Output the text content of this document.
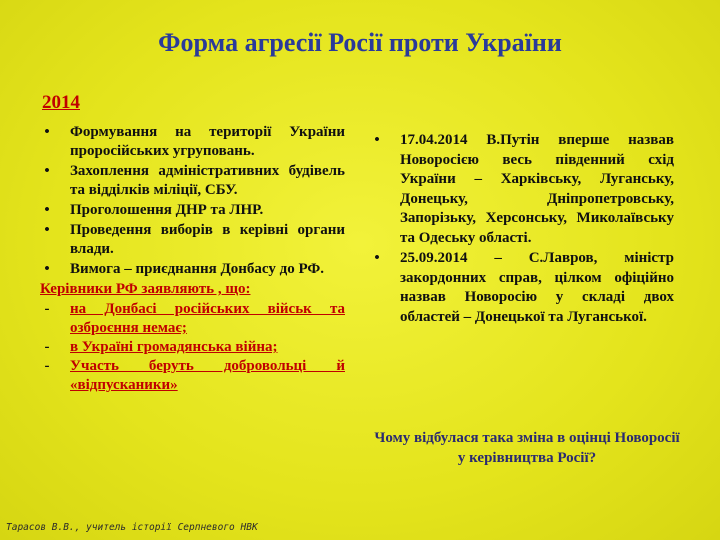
Форма агресії Росії проти України
2014
• Формування на території України проросійських угруповань.
• Захоплення адміністративних будівель та відділків міліції, СБУ.
• Проголошення ДНР та ЛНР.
• Проведення виборів в керівні органи влади.
• Вимога – приєднання Донбасу до РФ.
Керівники РФ заявляють , що:
-	на Донбасі російських військ та озброєння немає;
-	в Україні громадянська війна;
-	Участь беруть добровольці й «відпусканики»
• 17.04.2014 В.Путін вперше назвав Новоросією весь південний схід України – Харківську, Луганську, Донецьку, Дніпропетровську, Запорізьку, Херсонську, Миколаївську та Одеську області.
• 25.09.2014 – С.Лавров, міністр закордонних справ, цілком офіційно назвав Новоросію у складі двох областей – Донецької та Луганської.
Чому відбулася така зміна в оцінці Новоросії у керівництва Росії?
Тарасов В.В., учитель історії Серпневого НВК
